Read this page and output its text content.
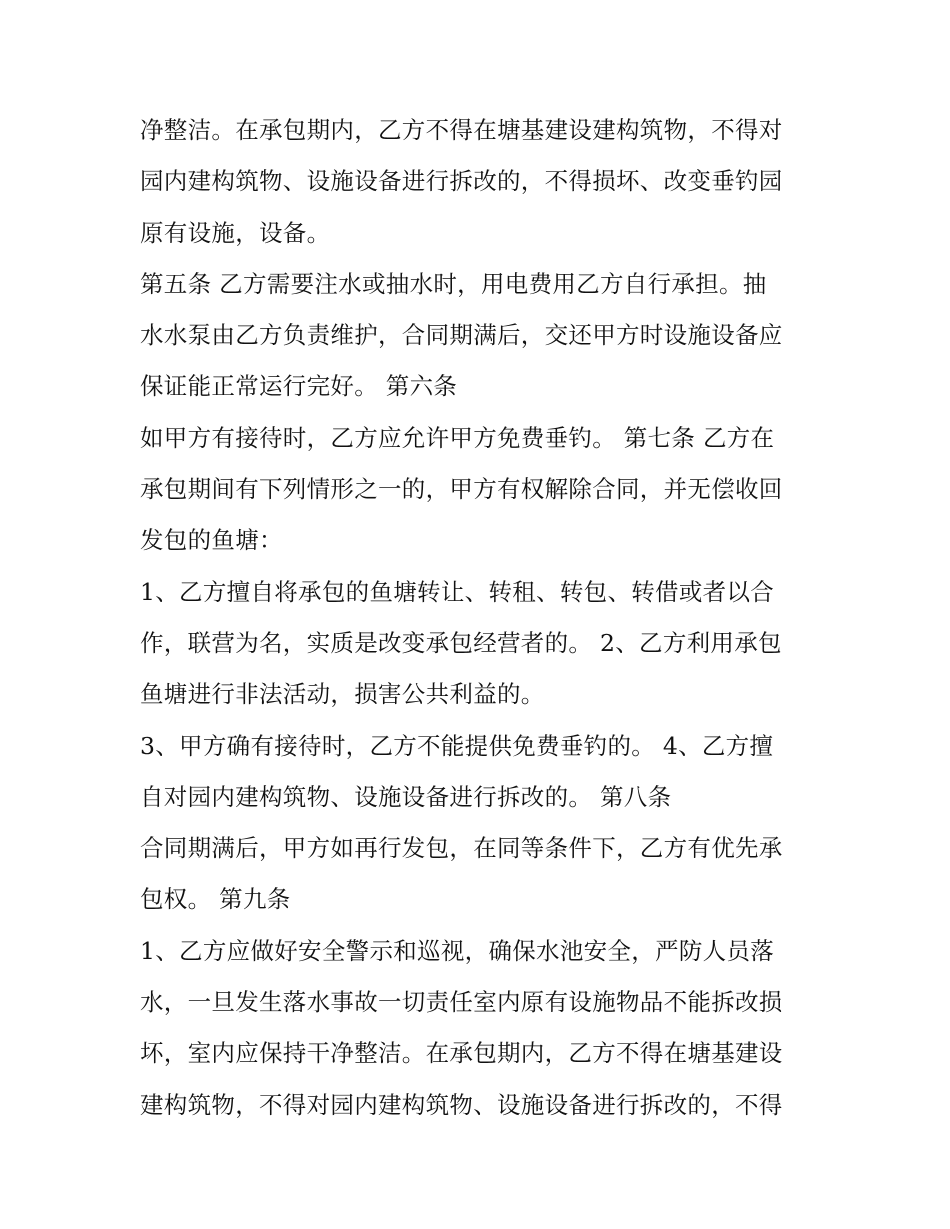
净整洁。在承包期内，乙方不得在塘基建设建构筑物，不得对
园内建构筑物、设施设备进行拆改的，不得损坏、改变垂钓园
原有设施，设备。
第五条 乙方需要注水或抽水时，用电费用乙方自行承担。抽
水水泵由乙方负责维护，合同期满后，交还甲方时设施设备应
保证能正常运行完好。 第六条
如甲方有接待时，乙方应允许甲方免费垂钓。 第七条 乙方在
承包期间有下列情形之一的，甲方有权解除合同，并无偿收回
发包的鱼塘：
1、乙方擅自将承包的鱼塘转让、转租、转包、转借或者以合
作，联营为名，实质是改变承包经营者的。 2、乙方利用承包
鱼塘进行非法活动，损害公共利益的。
3、甲方确有接待时，乙方不能提供免费垂钓的。 4、乙方擅
自对园内建构筑物、设施设备进行拆改的。 第八条
合同期满后，甲方如再行发包，在同等条件下，乙方有优先承
包权。 第九条
1、乙方应做好安全警示和巡视，确保水池安全，严防人员落
水，一旦发生落水事故一切责任室内原有设施物品不能拆改损
坏，室内应保持干净整洁。在承包期内，乙方不得在塘基建设
建构筑物，不得对园内建构筑物、设施设备进行拆改的，不得
